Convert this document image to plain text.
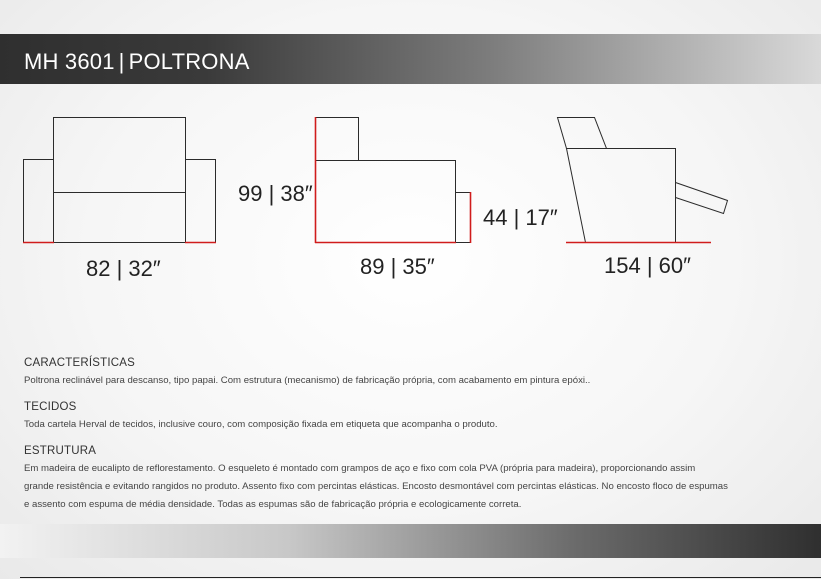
MH 3601 | POLTRONA
82 | 32″
99 | 38″
89 | 35″
44 | 17″
154 | 60″
CARACTERÍSTICAS
Poltrona reclinável para descanso, tipo papai. Com estrutura (mecanismo) de fabricação própria, com acabamento em pintura epóxi..
TECIDOS
Toda cartela Herval de tecidos, inclusive couro, com composição fixada em etiqueta que acompanha o produto.
ESTRUTURA
Em madeira de eucalipto de reflorestamento. O esqueleto é montado com grampos de aço e fixo com cola PVA (própria para madeira), proporcionando assim
grande resistência e evitando rangidos no produto. Assento fixo com percintas elásticas. Encosto desmontável com percintas elásticas. No encosto floco de espumas
e assento com espuma de média densidade. Todas as espumas são de fabricação própria e ecologicamente correta.
